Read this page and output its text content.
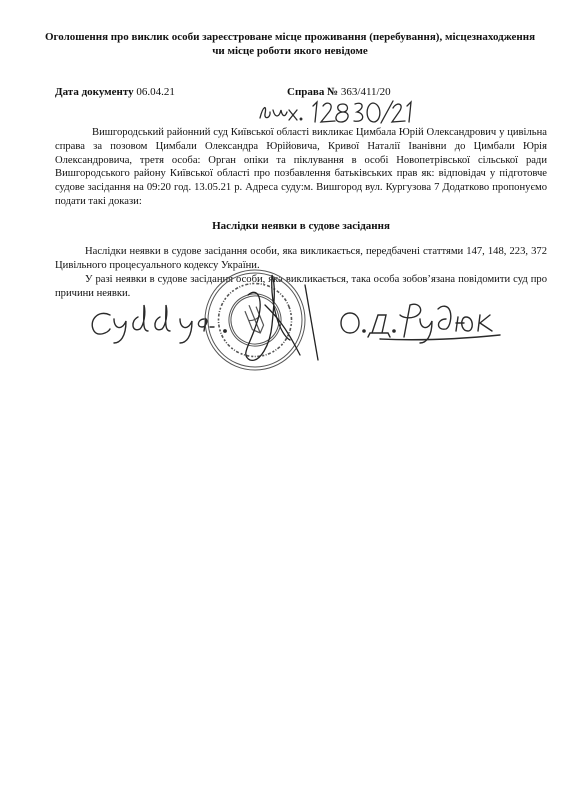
Оголошення про виклик особи зареєстроване місце проживання (перебування), місцезнаходження чи місце роботи якого невідоме
Дата документу 06.04.21	Справа № 363/411/20
Вишгородський районний суд Київської області викликає Цимбала Юрій Олександрович у цивільна справа за позовом Цимбали Олександра Юрійовича, Кривої Наталії Іванівни до Цимбали Юрія Олександровича, третя особа: Орган опіки та піклування в особі Новопетрівської сільської ради Вишгородського району Київської області про позбавлення батьківських прав як: відповідач у підготовче судове засідання на 09:20 год. 13.05.21 р. Адреса суду:м. Вишгород вул. Кургузова 7 Додатково пропонуємо подати такі докази:
Наслідки неявки в судове засідання
Наслідки неявки в судове засідання особи, яка викликається, передбачені статтями 147, 148, 223, 372 Цивільного процесуального кодексу України.
У разі неявки в судове засідання особи, яка викликається, така особа зобов’язана повідомити суд про причини неявки.
